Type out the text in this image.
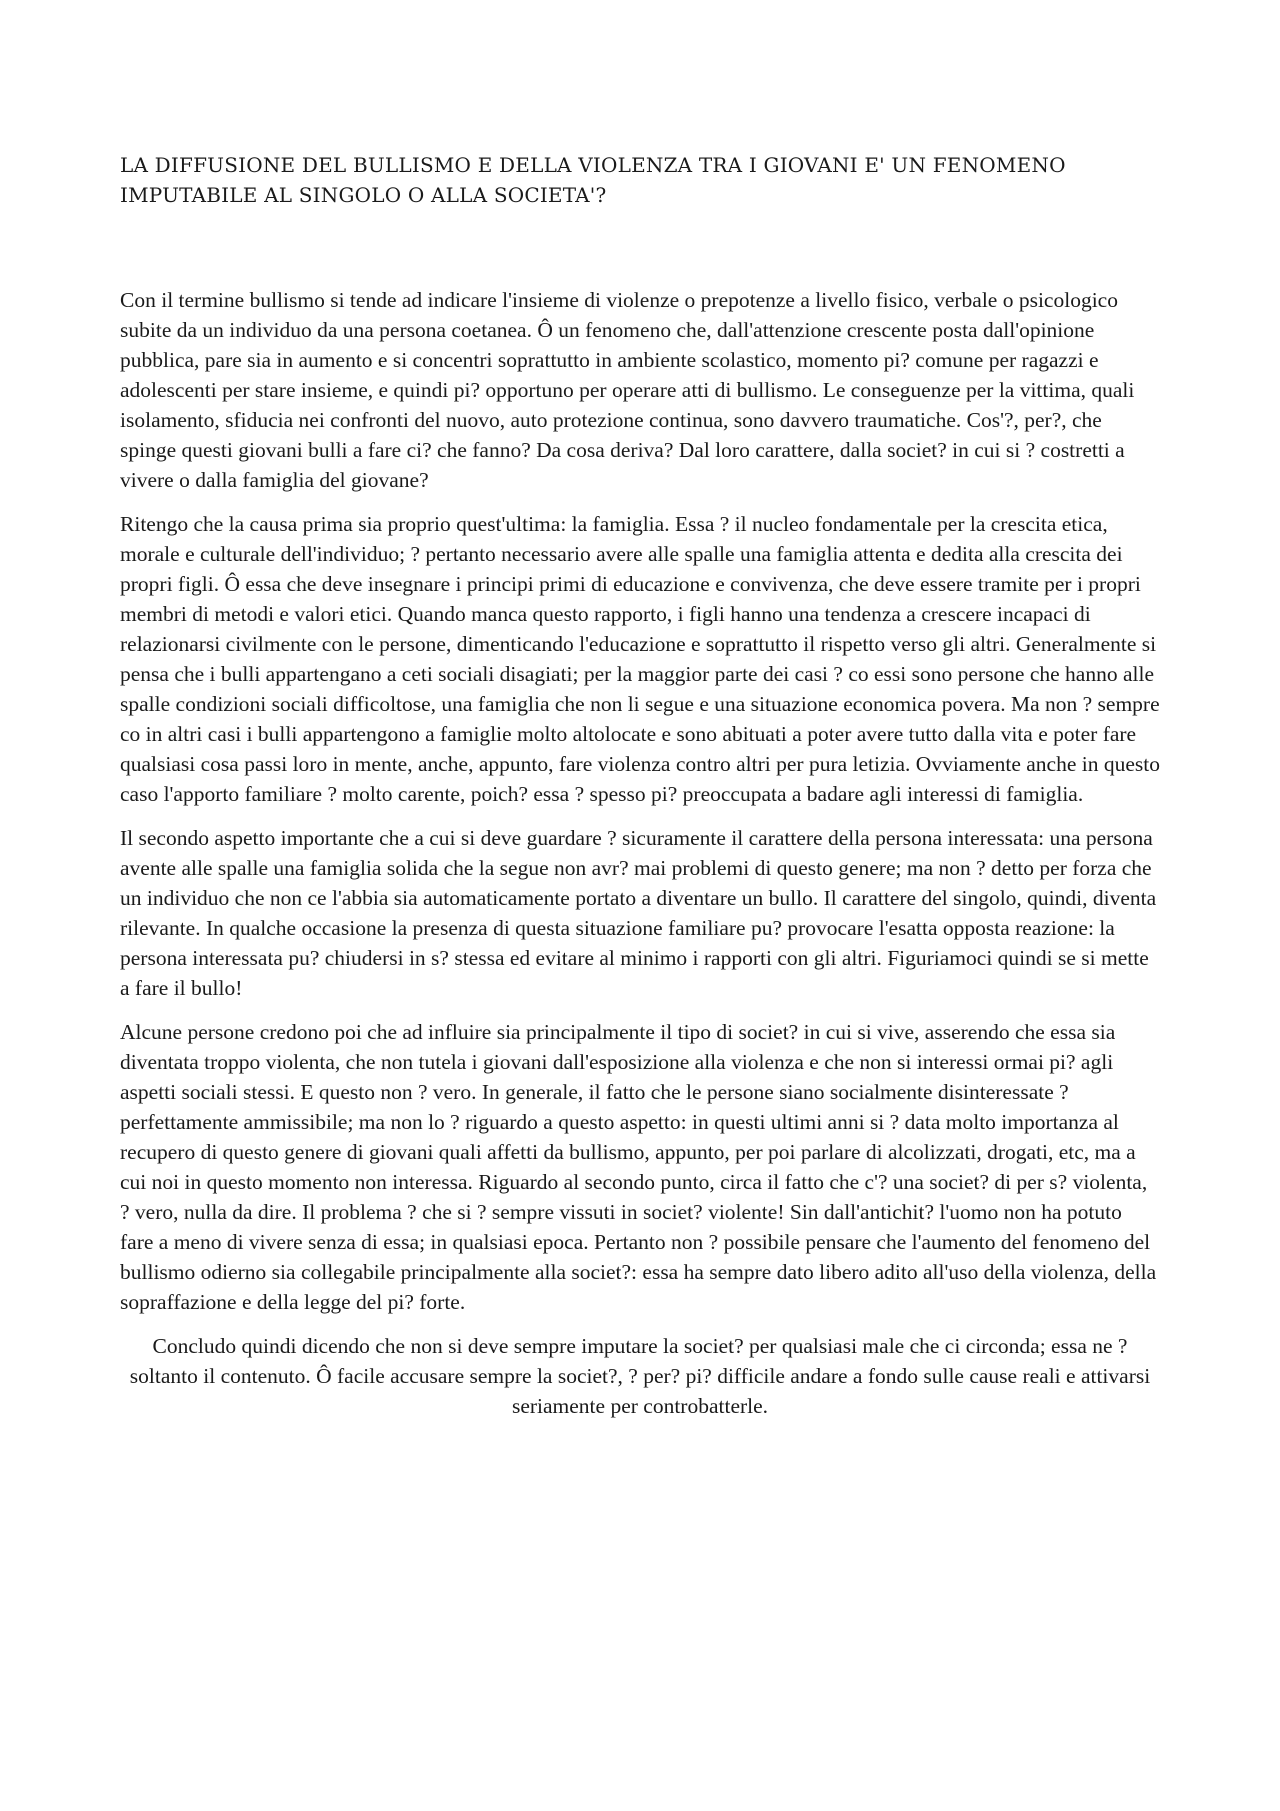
LA DIFFUSIONE DEL BULLISMO E DELLA VIOLENZA TRA I GIOVANI E' UN FENOMENO IMPUTABILE AL SINGOLO O ALLA SOCIETA'?

Con il termine bullismo si tende ad indicare l'insieme di violenze o prepotenze a livello fisico, verbale o psicologico subite da un individuo da una persona coetanea. Ô un fenomeno che, dall'attenzione crescente posta dall'opinione pubblica, pare sia in aumento e si concentri soprattutto in ambiente scolastico, momento pi? comune per ragazzi e adolescenti per stare insieme, e quindi pi? opportuno per operare atti di bullismo. Le conseguenze per la vittima, quali isolamento, sfiducia nei confronti del nuovo, auto protezione continua, sono davvero traumatiche. Cos'?, per?, che spinge questi giovani bulli a fare ci? che fanno? Da cosa deriva? Dal loro carattere, dalla societ? in cui si ? costretti a vivere o dalla famiglia del giovane?

Ritengo che la causa prima sia proprio quest'ultima: la famiglia. Essa ? il nucleo fondamentale per la crescita etica, morale e culturale dell'individuo; ? pertanto necessario avere alle spalle una famiglia attenta e dedita alla crescita dei propri figli. Ô essa che deve insegnare i principi primi di educazione e convivenza, che deve essere tramite per i propri membri di metodi e valori etici. Quando manca questo rapporto, i figli hanno una tendenza a crescere incapaci di relazionarsi civilmente con le persone, dimenticando l'educazione e soprattutto il rispetto verso gli altri. Generalmente si pensa che i bulli appartengano a ceti sociali disagiati; per la maggior parte dei casi ? co essi sono persone che hanno alle spalle condizioni sociali difficoltose, una famiglia che non li segue e una situazione economica povera. Ma non ? sempre co in altri casi i bulli appartengono a famiglie molto altolocate e sono abituati a poter avere tutto dalla vita e poter fare qualsiasi cosa passi loro in mente, anche, appunto, fare violenza contro altri per pura letizia. Ovviamente anche in questo caso l'apporto familiare ? molto carente, poich? essa ? spesso pi? preoccupata a badare agli interessi di famiglia.

Il secondo aspetto importante che a cui si deve guardare ? sicuramente il carattere della persona interessata: una persona avente alle spalle una famiglia solida che la segue non avr? mai problemi di questo genere; ma non ? detto per forza che un individuo che non ce l'abbia sia automaticamente portato a diventare un bullo. Il carattere del singolo, quindi, diventa rilevante. In qualche occasione la presenza di questa situazione familiare pu? provocare l'esatta opposta reazione: la persona interessata pu? chiudersi in s? stessa ed evitare al minimo i rapporti con gli altri. Figuriamoci quindi se si mette a fare il bullo!

Alcune persone credono poi che ad influire sia principalmente il tipo di societ? in cui si vive, asserendo che essa sia diventata troppo violenta, che non tutela i giovani dall'esposizione alla violenza e che non si interessi ormai pi? agli aspetti sociali stessi. E questo non ? vero. In generale, il fatto che le persone siano socialmente disinteressate ? perfettamente ammissibile; ma non lo ? riguardo a questo aspetto: in questi ultimi anni si ? data molto importanza al recupero di questo genere di giovani quali affetti da bullismo, appunto, per poi parlare di alcolizzati, drogati, etc, ma a cui noi in questo momento non interessa. Riguardo al secondo punto, circa il fatto che c'? una societ? di per s? violenta, ? vero, nulla da dire. Il problema ? che si ? sempre vissuti in societ? violente! Sin dall'antichit? l'uomo non ha potuto fare a meno di vivere senza di essa; in qualsiasi epoca. Pertanto non ? possibile pensare che l'aumento del fenomeno del bullismo odierno sia collegabile principalmente alla societ?: essa ha sempre dato libero adito all'uso della violenza, della sopraffazione e della legge del pi? forte.

Concludo quindi dicendo che non si deve sempre imputare la societ? per qualsiasi male che ci circonda; essa ne ? soltanto il contenuto. Ô facile accusare sempre la societ?, ? per? pi? difficile andare a fondo sulle cause reali e attivarsi seriamente per controbatterle.
